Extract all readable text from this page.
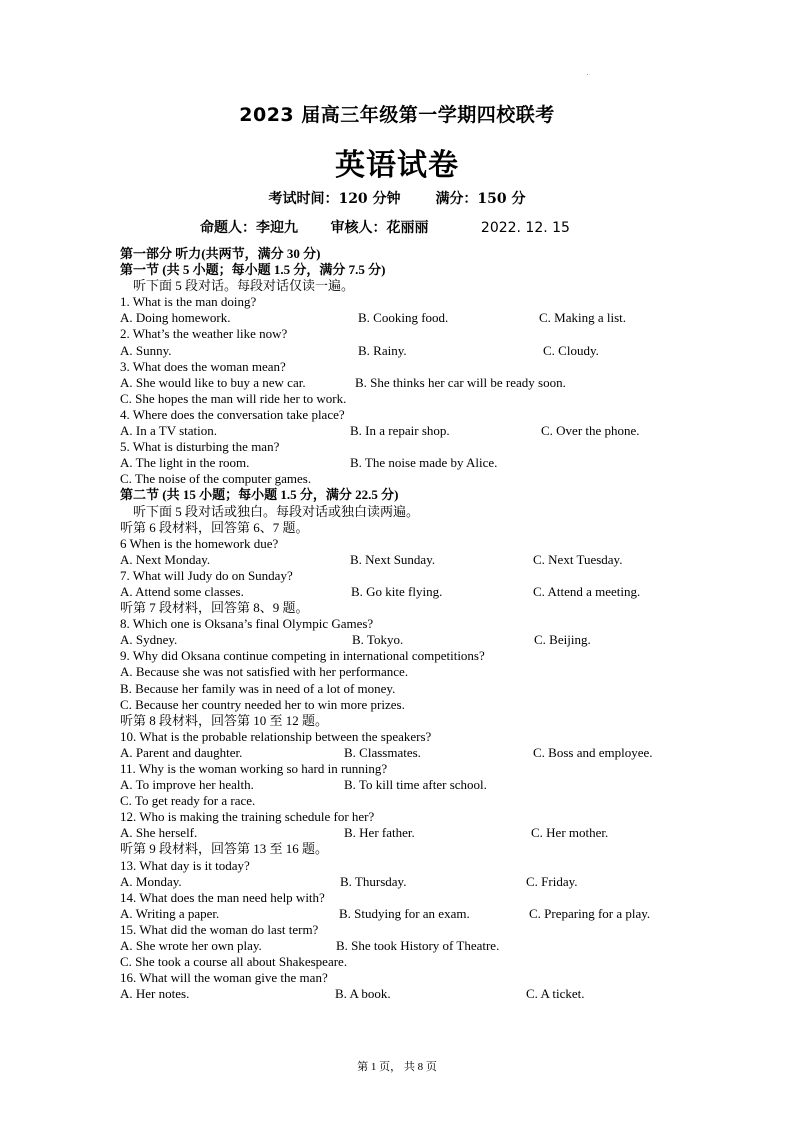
2023 届高三年级第一学期四校联考
英语试卷
考试时间：120 分钟 满分：150 分
命题人：李迎九 审核人：花丽丽	2022. 12. 15
第一部分 听力(共两节，满分 30 分)
第一节 (共 5 小题；每小题 1.5 分，满分 7.5 分)
听下面 5 段对话。每段对话仅读一遍。
1. What is the man doing?
A. Doing homework.	B. Cooking food.	C. Making a list.
2. What’s the weather like now?
A. Sunny.	B. Rainy.	C. Cloudy.
3. What does the woman mean?
A. She would like to buy a new car.	B. She thinks her car will be ready soon.
C. She hopes the man will ride her to work.
4. Where does the conversation take place?
A. In a TV station.	B. In a repair shop.	C. Over the phone.
5. What is disturbing the man?
A. The light in the room.	B. The noise made by Alice.
C. The noise of the computer games.
第二节 (共 15 小题；每小题 1.5 分，满分 22.5 分)
听下面 5 段对话或独白。每段对话或独白读两遍。
听第 6 段材料，回答第 6、7 题。
6 When is the homework due?
A. Next Monday.	B. Next Sunday.	C. Next Tuesday.
7. What will Judy do on Sunday?
A. Attend some classes.	B. Go kite flying.	C. Attend a meeting.
听第 7 段材料，回答第 8、9 题。
8. Which one is Oksana’s final Olympic Games?
A. Sydney.	B. Tokyo.	C. Beijing.
9. Why did Oksana continue competing in international competitions?
A. Because she was not satisfied with her performance.
B. Because her family was in need of a lot of money.
C. Because her country needed her to win more prizes.
听第 8 段材料，回答第 10 至 12 题。
10. What is the probable relationship between the speakers?
A. Parent and daughter.	B. Classmates.	C. Boss and employee.
11. Why is the woman working so hard in running?
A. To improve her health.	B. To kill time after school.
C. To get ready for a race.
12. Who is making the training schedule for her?
A. She herself.	B. Her father.	C. Her mother.
听第 9 段材料，回答第 13 至 16 题。
13. What day is it today?
A. Monday.	B. Thursday.	C. Friday.
14. What does the man need help with?
A. Writing a paper.	B. Studying for an exam.	C. Preparing for a play.
15. What did the woman do last term?
A. She wrote her own play.	B. She took History of Theatre.
C. She took a course all about Shakespeare.
16. What will the woman give the man?
A. Her notes.	B. A book.	C. A ticket.
第 1 页， 共 8 页
